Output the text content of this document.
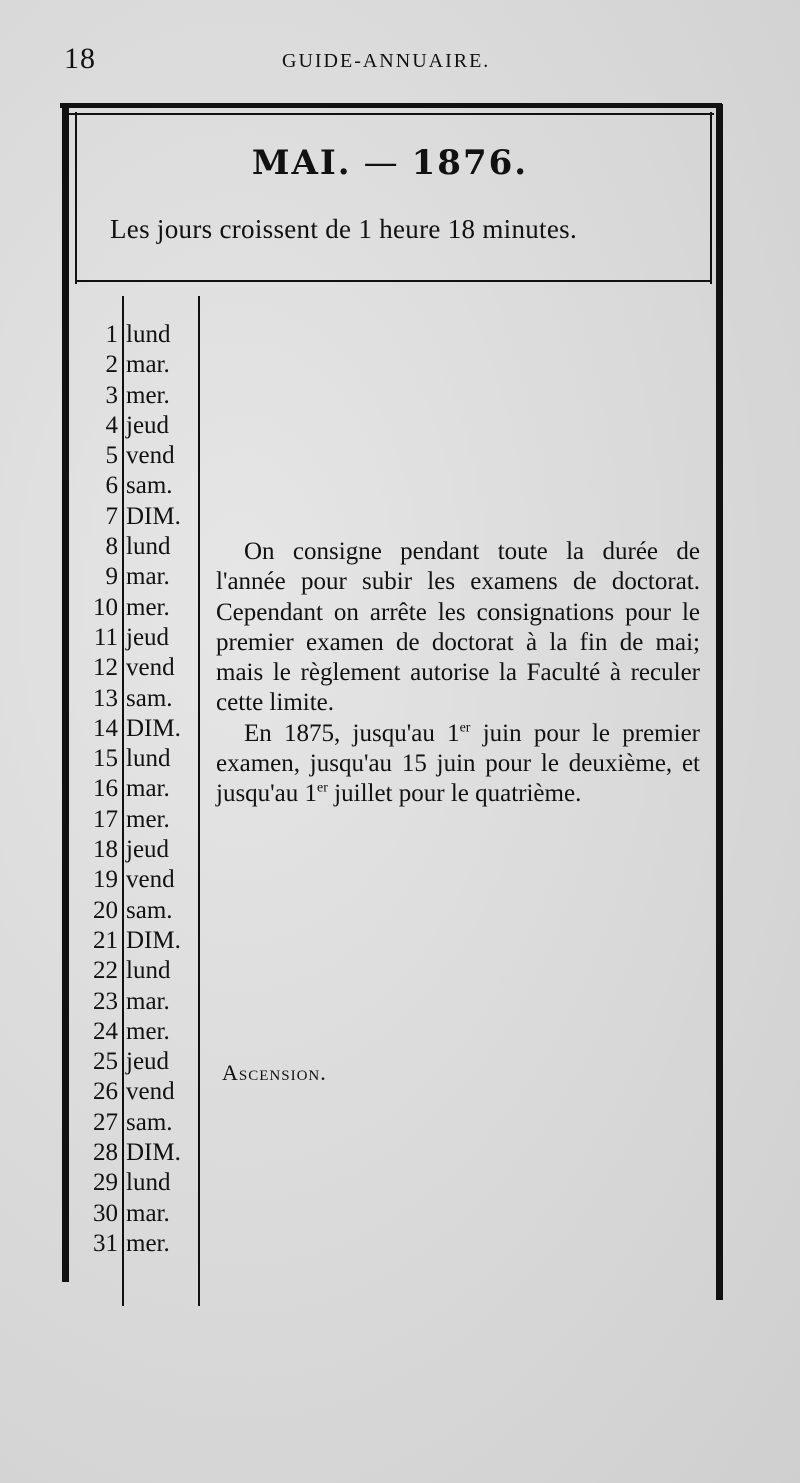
18	GUIDE-ANNUAIRE.
MAI. — 1876.
Les jours croissent de 1 heure 18 minutes.
1 lund
2 mar.
3 mer.
4 jeud
5 vend
6 sam.
7 DIM.
8 lund
9 mar.
10 mer.
11 jeud
12 vend
13 sam.
14 DIM.
15 lund
16 mar.
17 mer.
18 jeud
19 vend
20 sam.
21 DIM.
22 lund
23 mar.
24 mer.
25 jeud
26 vend
27 sam.
28 DIM.
29 lund
30 mar.
31 mer.

On consigne pendant toute la durée de l'année pour subir les examens de doctorat. Cependant on arrête les consignations pour le premier examen de doctorat à la fin de mai; mais le règlement autorise la Faculté à reculer cette limite.

En 1875, jusqu'au 1er juin pour le premier examen, jusqu'au 15 juin pour le deuxième, et jusqu'au 1er juillet pour le quatrième.

Ascension.
